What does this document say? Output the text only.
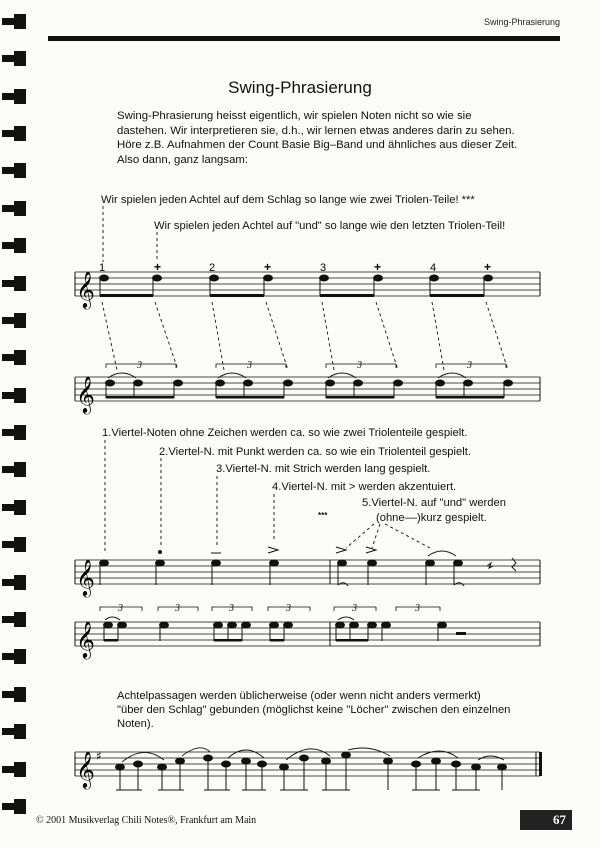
Swing-Phrasierung
Swing-Phrasierung
Swing-Phrasierung heisst eigentlich, wir spielen Noten nicht so wie sie
dastehen. Wir interpretieren sie, d.h., wir lernen etwas anderes darin zu sehen.
Höre z.B. Aufnahmen der Count Basie Big–Band und ähnliches aus dieser Zeit.
Also dann, ganz langsam:
Wir spielen jeden Achtel auf dem Schlag so lange wie zwei Triolen-Teile! ***
Wir spielen jeden Achtel auf "und" so lange wie den letzten Triolen-Teil!
1.Viertel-Noten ohne Zeichen werden ca. so wie zwei Triolenteile gespielt.
2.Viertel-N. mit Punkt werden ca. so wie ein Triolenteil gespielt.
3.Viertel-N. mit Strich werden lang gespielt.
4.Viertel-N. mit > werden akzentuiert.
5.Viertel-N. auf "und" werden
(ohne––)kurz gespielt.
***
Achtelpassagen werden üblicherweise (oder wenn nicht anders vermerkt)
"über den Schlag" gebunden (möglichst keine "Löcher" zwischen den einzelnen
Noten).
𝄞
1	+	2	+	3	+	4	+
𝄞
3	3	3	3
𝄞
𝄞
3	3	3	3	3	3
𝄞 ♯
© 2001 Musikverlag Chili Notes®, Frankfurt am Main	67
